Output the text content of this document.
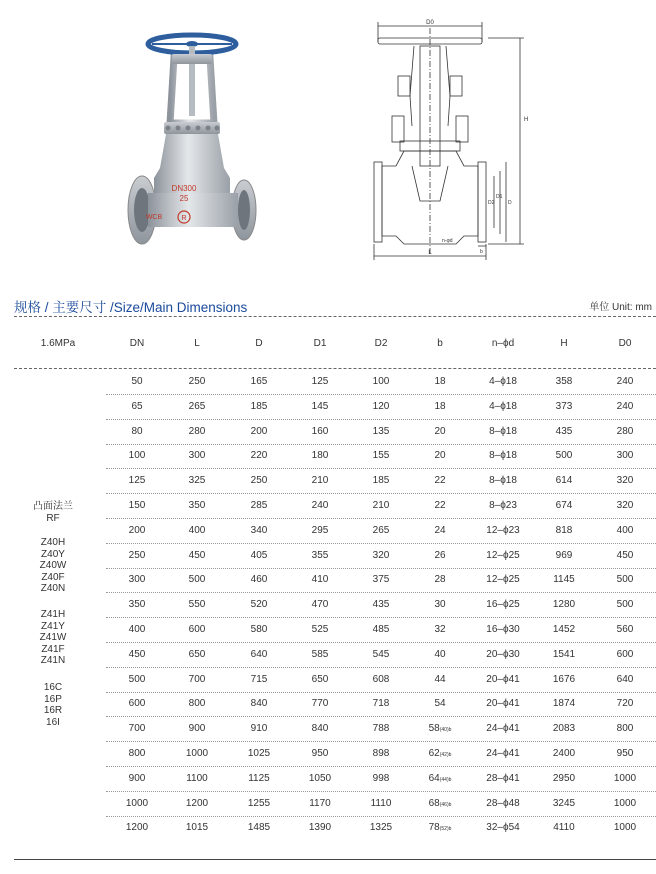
DN300
25
WCB	R
D0
H
D2
D1
D
n-φd
b
L
规格 / 主要尺寸 /Size/Main Dimensions	单位 Unit: mm
1.6MPa	DN	L	D	D1	D2	b	n–ϕd	H	D0
凸面法兰
RF
Z40H
Z40Y
Z40W
Z40F
Z40N
Z41H
Z41Y
Z41W
Z41F
Z41N
16C
16P
16R
16I
50	250	165	125	100	18	4–ϕ18	358	240
65	265	185	145	120	18	4–ϕ18	373	240
80	280	200	160	135	20	8–ϕ18	435	280
100	300	220	180	155	20	8–ϕ18	500	300
125	325	250	210	185	22	8–ϕ18	614	320
150	350	285	240	210	22	8–ϕ23	674	320
200	400	340	295	265	24	12–ϕ23	818	400
250	450	405	355	320	26	12–ϕ25	969	450
300	500	460	410	375	28	12–ϕ25	1145	500
350	550	520	470	435	30	16–ϕ25	1280	500
400	600	580	525	485	32	16–ϕ30	1452	560
450	650	640	585	545	40	20–ϕ30	1541	600
500	700	715	650	608	44	20–ϕ41	1676	640
600	800	840	770	718	54	20–ϕ41	1874	720
700	900	910	840	788	58(40)b	24–ϕ41	2083	800
800	1000	1025	950	898	62(42)b	24–ϕ41	2400	950
900	1100	1125	1050	998	64(44)b	28–ϕ41	2950	1000
1000	1200	1255	1170	1110	68(46)b	28–ϕ48	3245	1000
1200	1015	1485	1390	1325	78(52)b	32–ϕ54	4110	1000
